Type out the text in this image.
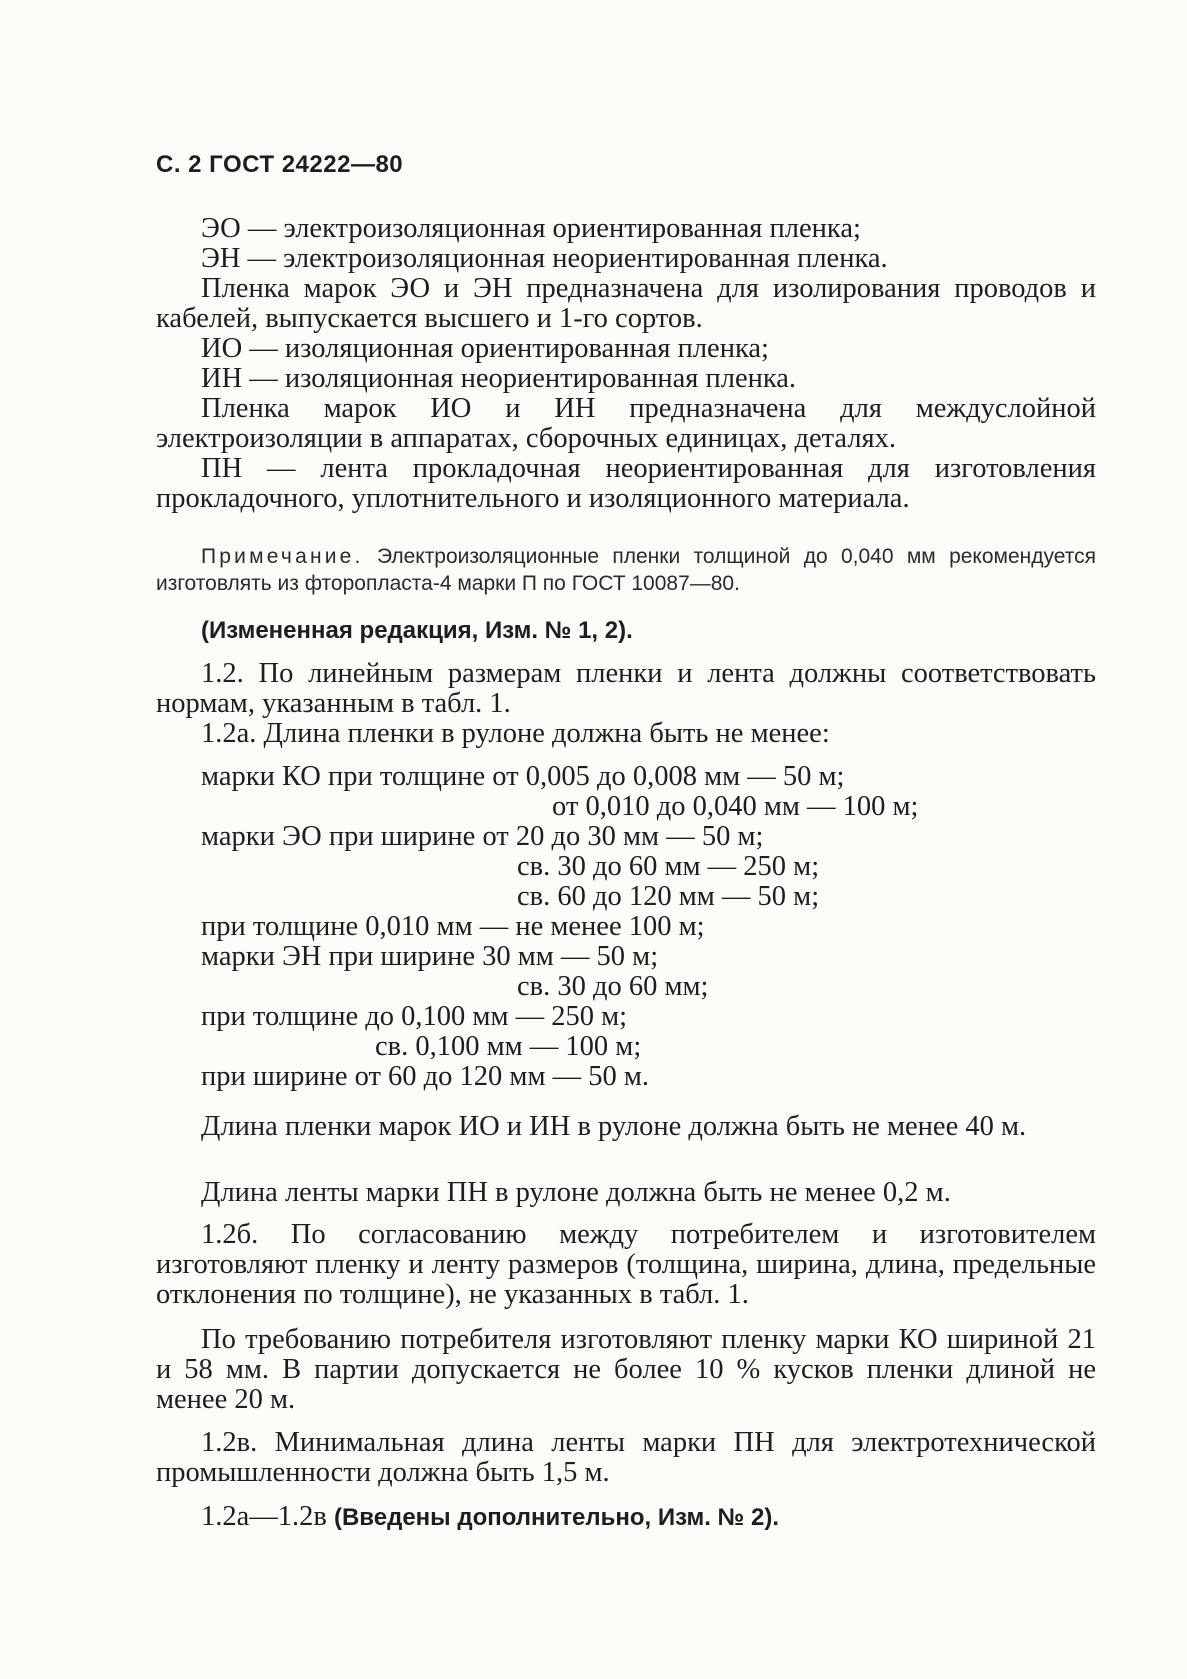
С. 2 ГОСТ 24222—80

ЭО — электроизоляционная ориентированная пленка;

ЭН — электроизоляционная неориентированная пленка.

Пленка марок ЭО и ЭН предназначена для изолирования проводов и кабелей, выпускается высшего и 1-го сортов.

ИО — изоляционная ориентированная пленка;

ИН — изоляционная неориентированная пленка.

Пленка марок ИО и ИН предназначена для междуслойной электроизоляции в аппаратах, сборочных единицах, деталях.

ПН — лента прокладочная неориентированная для изготовления прокладочного, уплотнительного и изоляционного материала.

Примечание. Электроизоляционные пленки толщиной до 0,040 мм рекомендуется изготовлять из фторопласта-4 марки П по ГОСТ 10087—80.

(Измененная редакция, Изм. № 1, 2).

1.2. По линейным размерам пленки и лента должны соответствовать нормам, указанным в табл. 1.

1.2а. Длина пленки в рулоне должна быть не менее:

марки КО при толщине от 0,005 до 0,008 мм — 50 м;
от 0,010 до 0,040 мм — 100 м;
марки ЭО при ширине от 20 до 30 мм — 50 м;
св. 30 до 60 мм — 250 м;
св. 60 до 120 мм — 50 м;
при толщине 0,010 мм — не менее 100 м;
марки ЭН при ширине 30 мм — 50 м;
св. 30 до 60 мм;
при толщине до 0,100 мм — 250 м;
св. 0,100 мм — 100 м;
при ширине от 60 до 120 мм — 50 м.

Длина пленки марок ИО и ИН в рулоне должна быть не менее 40 м.

Длина ленты марки ПН в рулоне должна быть не менее 0,2 м.

1.2б. По согласованию между потребителем и изготовителем изготовляют пленку и ленту размеров (толщина, ширина, длина, предельные отклонения по толщине), не указанных в табл. 1.

По требованию потребителя изготовляют пленку марки КО шириной 21 и 58 мм. В партии допускается не более 10 % кусков пленки длиной не менее 20 м.

1.2в. Минимальная длина ленты марки ПН для электротехнической промышленности должна быть 1,5 м.

1.2а—1.2в (Введены дополнительно, Изм. № 2).
